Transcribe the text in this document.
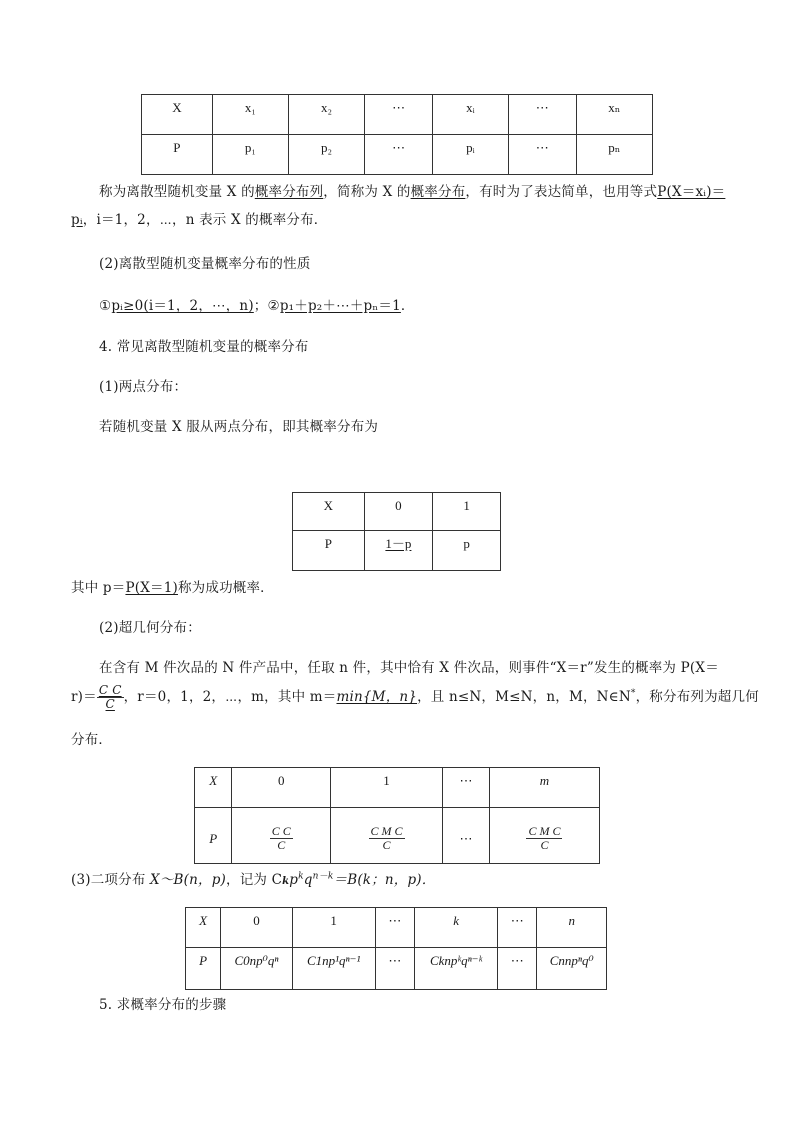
X	x₁	x₂	⋯	xᵢ	⋯	xₙ
P	p₁	p₂	⋯	pᵢ	⋯	pₙ
称为离散型随机变量 X 的概率分布列，简称为 X 的概率分布，有时为了表达简单，也用等式P(X＝xᵢ)＝
pᵢ，i＝1，2，⋯，n 表示 X 的概率分布．
(2)离散型随机变量概率分布的性质
①pᵢ≥0(i＝1，2，⋯，n)；②p₁＋p₂＋⋯＋pₙ＝1．
4. 常见离散型随机变量的概率分布
(1)两点分布：
若随机变量 X 服从两点分布，即其概率分布为
X	0	1
P	1－p	p
其中 p＝P(X＝1)称为成功概率．
(2)超几何分布：
在含有 M 件次品的 N 件产品中，任取 n 件，其中恰有 X 件次品，则事件“X＝r”发生的概率为 P(X＝
$r)= \frac{\text{C C}}{C}$ ，r＝0，1，2，⋯，m，其中 m＝min{M，n}，且 n≤N，M≤N，n，M，N∈N*，称分布列为超几何
分布．
X	0	1	⋯	m
P	$\frac{\text{C C}}{C}$	$\frac{\text{C M C}}{C}$	⋯	$\frac{\text{C M C}}{C}$
(3)二项分布 X～B(n，p)，记为 $Ckp^kq^{n-k}=B(k$；n，p)．
X	0	1	⋯	k	⋯	n
P	C0np⁰qⁿ	C1np¹qⁿ⁻¹	⋯	Cknpᵏqⁿ⁻ᵏ	⋯	Cnnpⁿq⁰
5. 求概率分布的步骤
